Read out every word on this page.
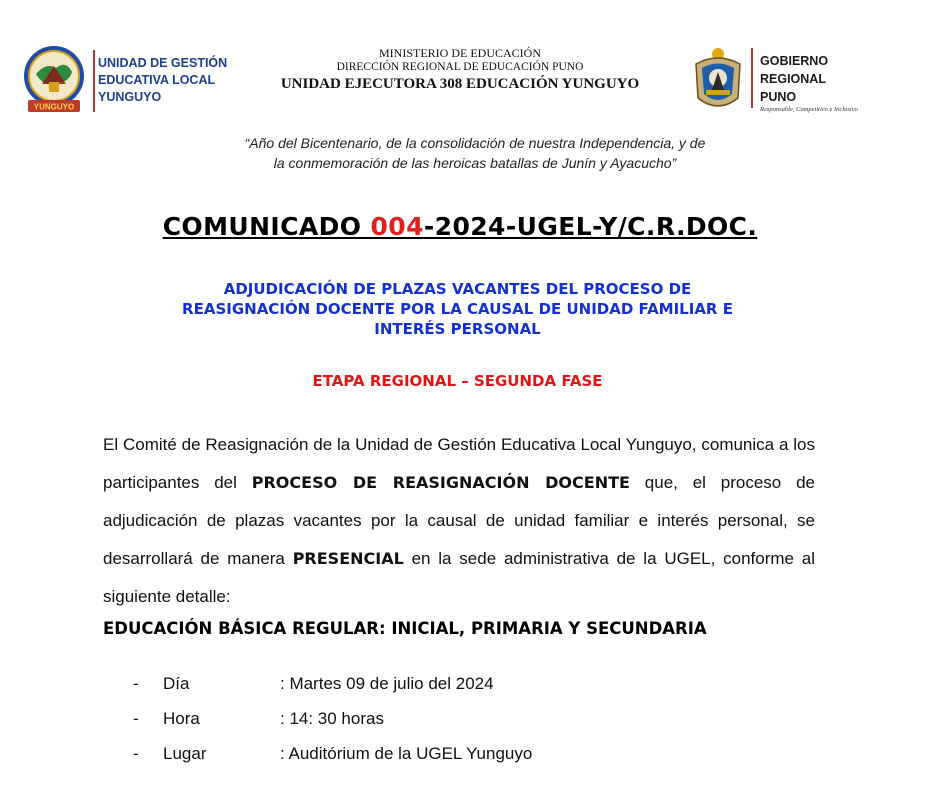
YUNGUYO
UNIDAD DE GESTIÓN
EDUCATIVA LOCAL
YUNGUYO
MINISTERIO DE EDUCACIÓN
DIRECCIÓN REGIONAL DE EDUCACIÓN PUNO
UNIDAD EJECUTORA 308 EDUCACIÓN YUNGUYO
GOBIERNO
REGIONAL
PUNO
Responsable, Competitivo e Inclusivo
“Año del Bicentenario, de la consolidación de nuestra Independencia, y de
la conmemoración de las heroicas batallas de Junín y Ayacucho”
COMUNICADO 004-2024-UGEL-Y/C.R.DOC.
ADJUDICACIÓN DE PLAZAS VACANTES DEL PROCESO DE
REASIGNACIÓN DOCENTE POR LA CAUSAL DE UNIDAD FAMILIAR E
INTERÉS PERSONAL
ETAPA REGIONAL – SEGUNDA FASE
El Comité de Reasignación de la Unidad de Gestión Educativa Local Yunguyo, comunica a los participantes del PROCESO DE REASIGNACIÓN DOCENTE que, el proceso de adjudicación de plazas vacantes por la causal de unidad familiar e interés personal, se desarrollará de manera PRESENCIAL en la sede administrativa de la UGEL, conforme al siguiente detalle:
EDUCACIÓN BÁSICA REGULAR: INICIAL, PRIMARIA Y SECUNDARIA
- Día	: Martes 09 de julio del 2024
- Hora	: 14: 30 horas
- Lugar	: Auditórium de la UGEL Yunguyo
